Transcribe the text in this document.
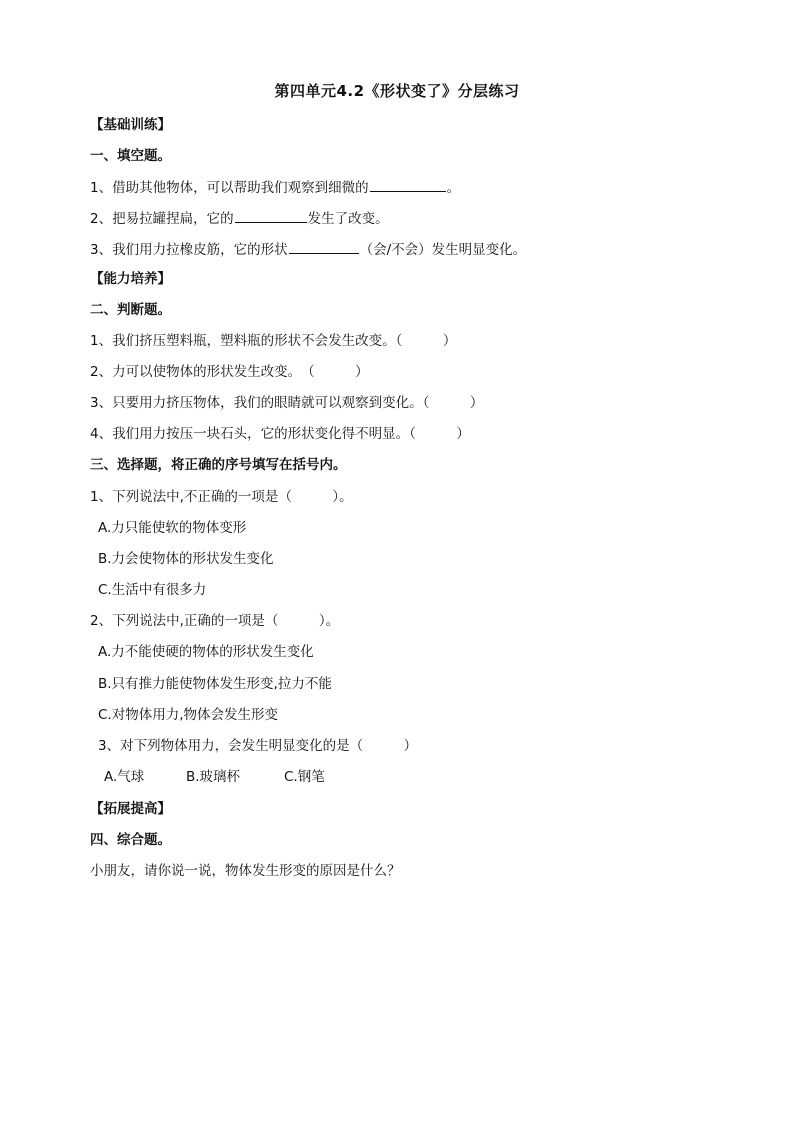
第四单元4.2《形状变了》分层练习
【基础训练】
一、填空题。
1、借助其他物体，可以帮助我们观察到细微的	。
2、把易拉罐捏扁，它的	发生了改变。
3、我们用力拉橡皮筋，它的形状	（会/不会）发生明显变化。
【能力培养】
二、判断题。
1、我们挤压塑料瓶，塑料瓶的形状不会发生改变。（　　　）
2、力可以使物体的形状发生改变。　（　　　）
3、只要用力挤压物体，我们的眼睛就可以观察到变化。（　　　）
4、我们用力按压一块石头，它的形状变化得不明显。（　　　）
三、选择题，将正确的序号填写在括号内。
1、下列说法中,不正确的一项是（　　　）。
A.力只能使软的物体变形
B.力会使物体的形状发生变化
C.生活中有很多力
2、下列说法中,正确的一项是（　　　）。
A.力不能使硬的物体的形状发生变化
B.只有推力能使物体发生形变,拉力不能
C.对物体用力,物体会发生形变
3、对下列物体用力，会发生明显变化的是（　　　）
A.气球	B.玻璃杯	C.钢笔
【拓展提高】
四、综合题。
小朋友，请你说一说，物体发生形变的原因是什么？
